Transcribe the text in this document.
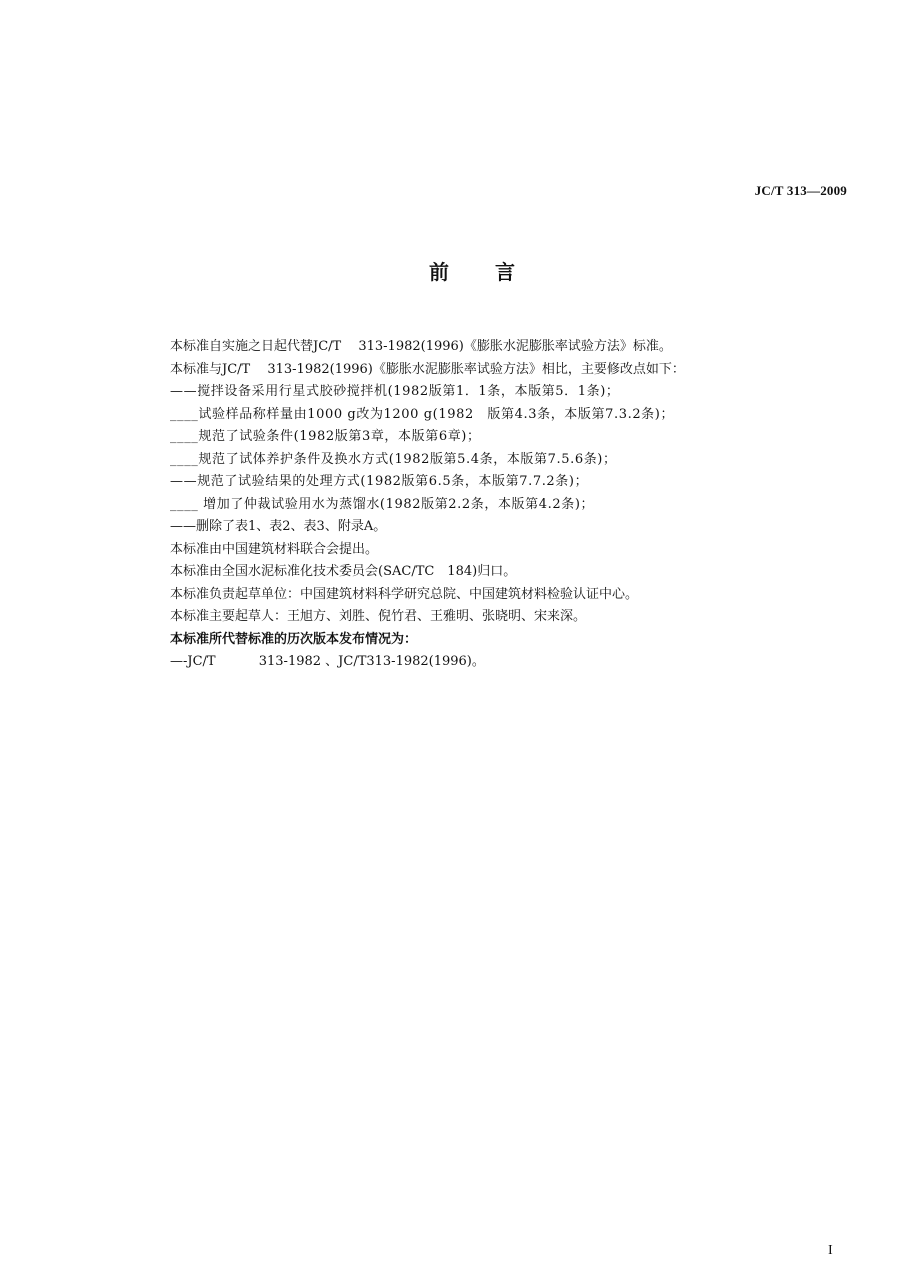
JC/T 313—2009
前言
本标准自实施之日起代替JC/T　 313-1982(1996)《膨胀水泥膨胀率试验方法》标准。
本标准与JC/T　 313-1982(1996)《膨胀水泥膨胀率试验方法》相比，主要修改点如下：
——搅拌设备采用行星式胶砂搅拌机(1982版第1．1条，本版第5．1条)；
____试验样品称样量由1000 g改为1200 g(1982　版第4.3条，本版第7.3.2条)；
____规范了试验条件(1982版第3章，本版第6章)；
____规范了试体养护条件及换水方式(1982版第5.4条，本版第7.5.6条)；
——规范了试验结果的处理方式(1982版第6.5条，本版第7.7.2条)；
____ 增加了仲裁试验用水为蒸馏水(1982版第2.2条，本版第4.2条)；
——删除了表1、表2、表3、附录A。
本标准由中国建筑材料联合会提出。
本标准由全国水泥标准化技术委员会(SAC/TC　184)归口。
本标准负责起草单位：中国建筑材料科学研究总院、中国建筑材料检验认证中心。
本标准主要起草人：王旭方、刘胜、倪竹君、王雅明、张晓明、宋来深。
本标准所代替标准的历次版本发布情况为：
—-JC/T　　　 313-1982 、JC/T313-1982(1996)。
I
